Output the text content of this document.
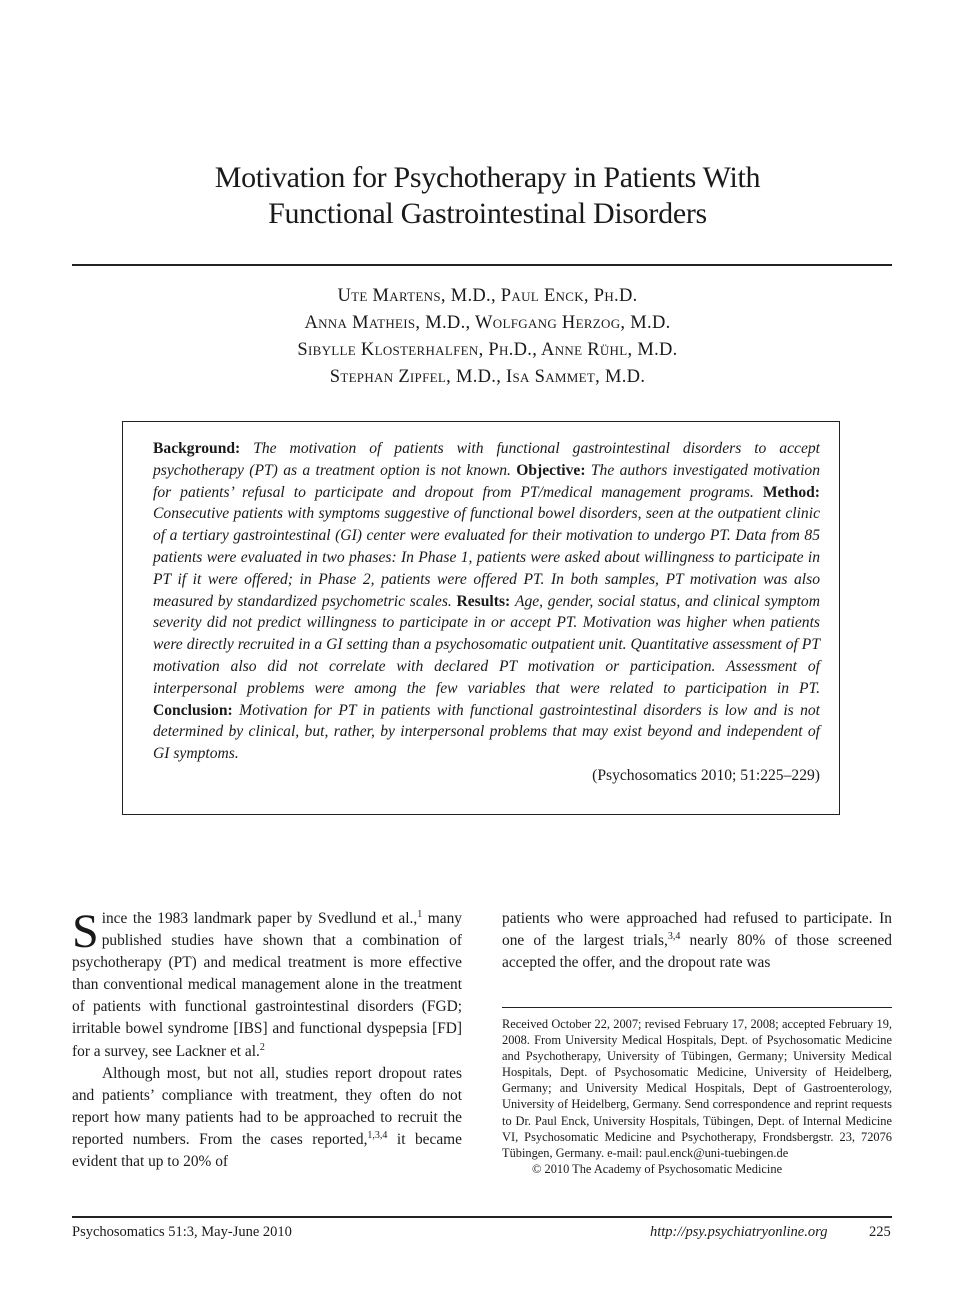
Motivation for Psychotherapy in Patients With
Functional Gastrointestinal Disorders
Ute Martens, M.D., Paul Enck, Ph.D.
Anna Matheis, M.D., Wolfgang Herzog, M.D.
Sibylle Klosterhalfen, Ph.D., Anne Rühl, M.D.
Stephan Zipfel, M.D., Isa Sammet, M.D.
Background: The motivation of patients with functional gastrointestinal disorders to accept psychotherapy (PT) as a treatment option is not known. Objective: The authors investigated motivation for patients’ refusal to participate and dropout from PT/medical management programs. Method: Consecutive patients with symptoms suggestive of functional bowel disorders, seen at the outpatient clinic of a tertiary gastrointestinal (GI) center were evaluated for their motivation to undergo PT. Data from 85 patients were evaluated in two phases: In Phase 1, patients were asked about willingness to participate in PT if it were offered; in Phase 2, patients were offered PT. In both samples, PT motivation was also measured by standardized psychometric scales. Results: Age, gender, social status, and clinical symptom severity did not predict willingness to participate in or accept PT. Motivation was higher when patients were directly recruited in a GI setting than a psychosomatic outpatient unit. Quantitative assessment of PT motivation also did not correlate with declared PT motivation or participation. Assessment of interpersonal problems were among the few variables that were related to participation in PT. Conclusion: Motivation for PT in patients with functional gastrointestinal disorders is low and is not determined by clinical, but, rather, by interpersonal problems that may exist beyond and independent of GI symptoms.
(Psychosomatics 2010; 51:225–229)

Since the 1983 landmark paper by Svedlund et al.,$^1$ many published studies have shown that a combination of psychotherapy (PT) and medical treatment is more effective than conventional medical management alone in the treatment of patients with functional gastrointestinal disorders (FGD; irritable bowel syndrome [IBS] and functional dyspepsia [FD] for a survey, see Lackner et al.$^2$

Although most, but not all, studies report dropout rates and patients’ compliance with treatment, they often do not report how many patients had to be approached to recruit the reported numbers. From the cases reported,$^{1,3,4}$ it became evident that up to 20% of

patients who were approached had refused to participate. In one of the largest trials,$^{3,4}$ nearly 80% of those screened accepted the offer, and the dropout rate was

Received October 22, 2007; revised February 17, 2008; accepted February 19, 2008. From University Medical Hospitals, Dept. of Psychosomatic Medicine and Psychotherapy, University of Tübingen, Germany; University Medical Hospitals, Dept. of Psychosomatic Medicine, University of Heidelberg, Germany; and University Medical Hospitals, Dept of Gastroenterology, University of Heidelberg, Germany. Send correspondence and reprint requests to Dr. Paul Enck, University Hospitals, Tübingen, Dept. of Internal Medicine VI, Psychosomatic Medicine and Psychotherapy, Frondsbergstr. 23, 72076 Tübingen, Germany. e-mail: paul.enck@uni-tuebingen.de

© 2010 The Academy of Psychosomatic Medicine
Psychosomatics 51:3, May-June 2010	http://psy.psychiatryonline.org	225
